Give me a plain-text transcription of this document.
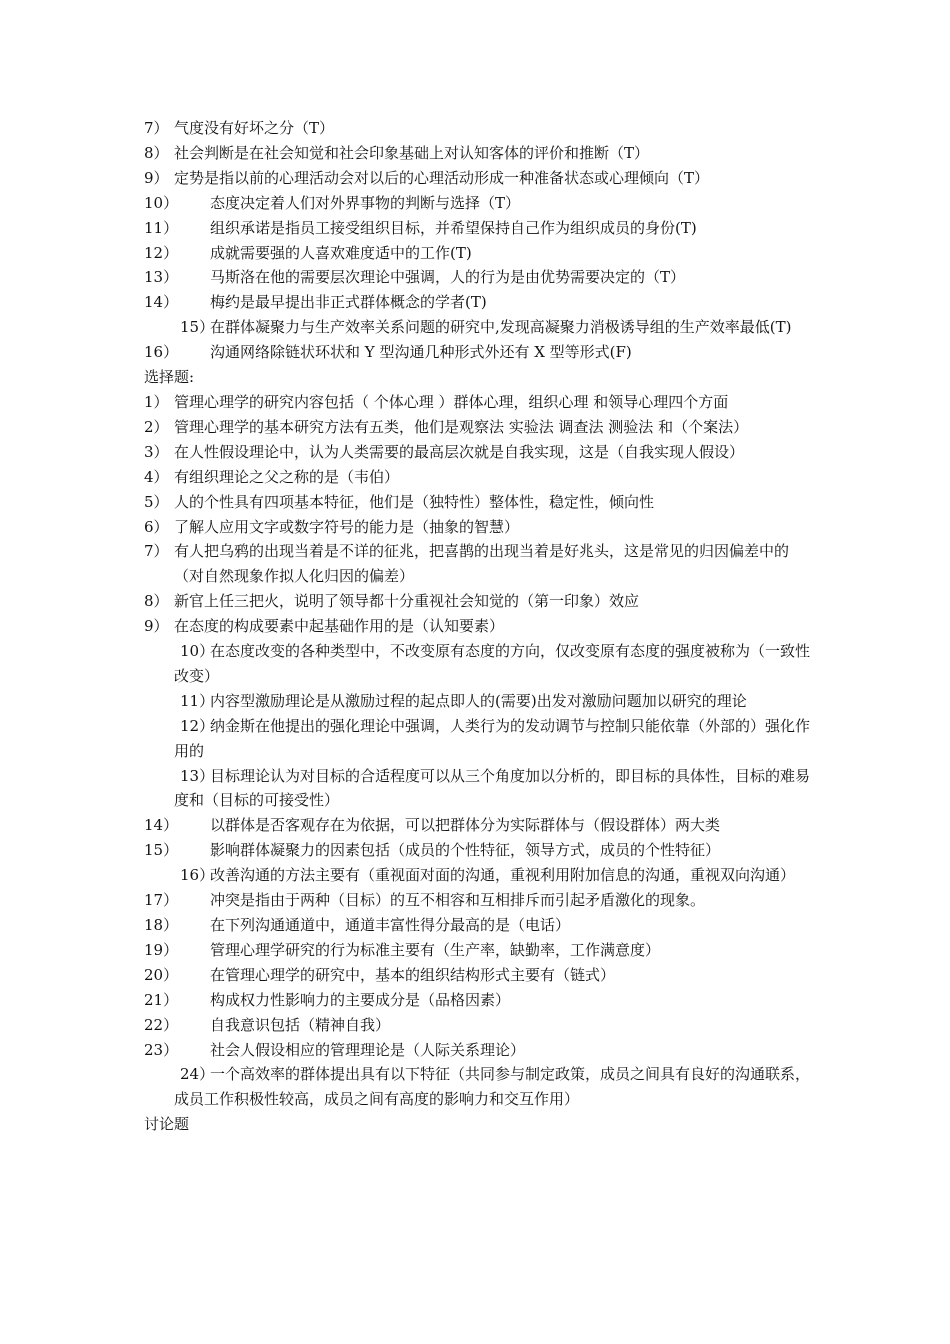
7） 气度没有好坏之分（T）
8） 社会判断是在社会知觉和社会印象基础上对认知客体的评价和推断（T）
9） 定势是指以前的心理活动会对以后的心理活动形成一种准备状态或心理倾向（T）
10） 态度决定着人们对外界事物的判断与选择（T）
11） 组织承诺是指员工接受组织目标，并希望保持自己作为组织成员的身份(T)
12） 成就需要强的人喜欢难度适中的工作(T)
13） 马斯洛在他的需要层次理论中强调，人的行为是由优势需要决定的（T）
14） 梅约是最早提出非正式群体概念的学者(T)
15）
在群体凝聚力与生产效率关系问题的研究中,发现高凝聚力消极诱导组的生产效率最低(T)
16） 沟通网络除链状环状和 Y 型沟通几种形式外还有 X 型等形式(F)
选择题:
1） 管理心理学的研究内容包括（ 个体心理 ）群体心理，组织心理 和领导心理四个方面
2） 管理心理学的基本研究方法有五类，他们是观察法 实验法 调查法 测验法 和（个案法）
3） 在人性假设理论中，认为人类需要的最高层次就是自我实现，这是（自我实现人假设）
4） 有组织理论之父之称的是（韦伯）
5） 人的个性具有四项基本特征，他们是（独特性）整体性，稳定性，倾向性
6） 了解人应用文字或数字符号的能力是（抽象的智慧）
7） 有人把乌鸦的出现当着是不详的征兆，把喜鹊的出现当着是好兆头，这是常见的归因偏差中的（对自然现象作拟人化归因的偏差）
8） 新官上任三把火，说明了领导都十分重视社会知觉的（第一印象）效应
9） 在态度的构成要素中起基础作用的是（认知要素）
10）
在态度改变的各种类型中，不改变原有态度的方向，仅改变原有态度的强度被称为（一致性改变）
11）
内容型激励理论是从激励过程的起点即人的(需要)出发对激励问题加以研究的理论
12）
纳金斯在他提出的强化理论中强调，人类行为的发动调节与控制只能依靠（外部的）强化作用的
13）
目标理论认为对目标的合适程度可以从三个角度加以分析的，即目标的具体性，目标的难易度和（目标的可接受性）
14） 以群体是否客观存在为依据，可以把群体分为实际群体与（假设群体）两大类
15） 影响群体凝聚力的因素包括（成员的个性特征，领导方式，成员的个性特征）
16）
改善沟通的方法主要有（重视面对面的沟通，重视利用附加信息的沟通，重视双向沟通）
17） 冲突是指由于两种（目标）的互不相容和互相排斥而引起矛盾激化的现象。
18） 在下列沟通通道中，通道丰富性得分最高的是（电话）
19） 管理心理学研究的行为标准主要有（生产率，缺勤率，工作满意度）
20） 在管理心理学的研究中，基本的组织结构形式主要有（链式）
21） 构成权力性影响力的主要成分是（品格因素）
22） 自我意识包括（精神自我）
23） 社会人假设相应的管理理论是（人际关系理论）
24）
一个高效率的群体提出具有以下特征（共同参与制定政策，成员之间具有良好的沟通联系，成员工作积极性较高，成员之间有高度的影响力和交互作用）
讨论题
